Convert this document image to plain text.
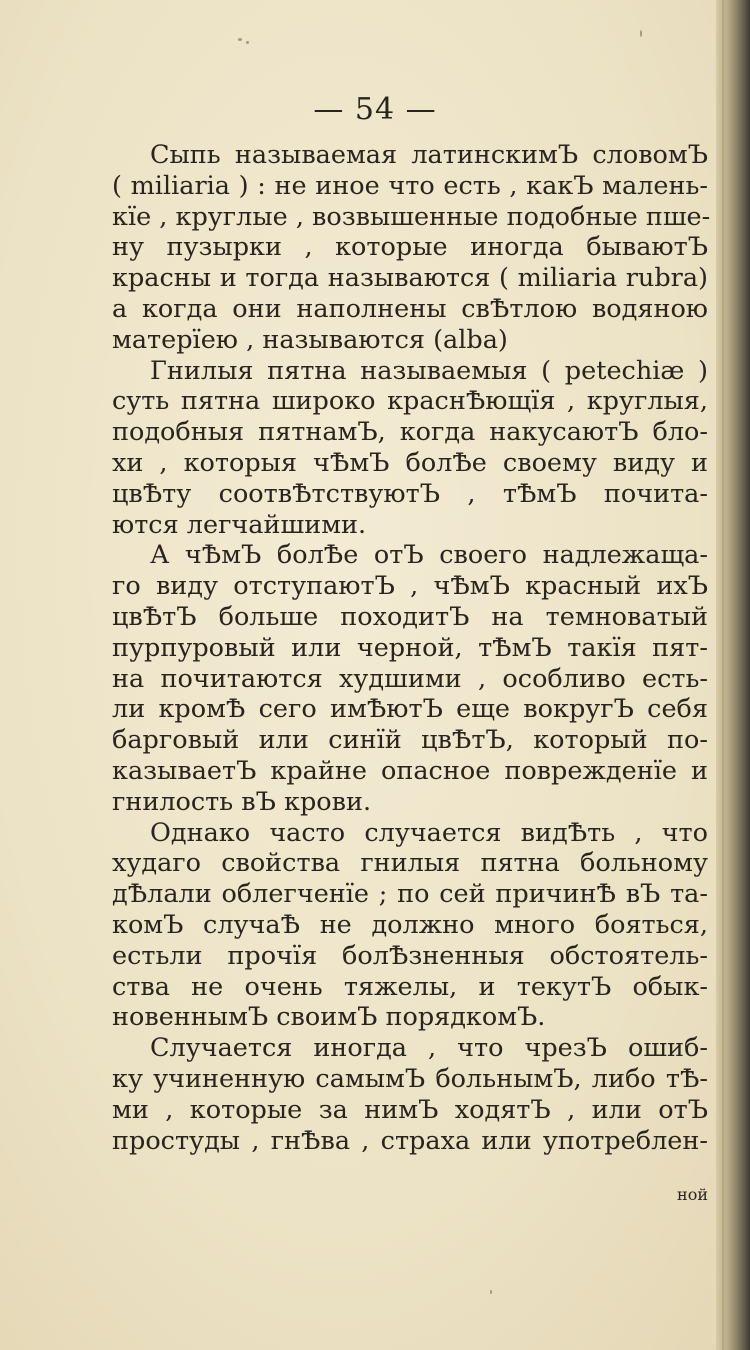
— 54 —
Сыпь называемая латинскимЪ словомЪ
( miliaria ) : не иное что есть , какЪ малень-
кїе , круглые , возвышенные подобные пше-
ну пузырки , которые иногда бываютЪ
красны и тогда называются ( miliaria rubra)
а когда они наполнены свѢтлою водяною
матерїею , называются (alba)
Гнилыя пятна называемыя ( petechiæ )
суть пятна широко краснѢющїя , круглыя,
подобныя пятнамЪ, когда накусаютЪ бло-
хи , которыя чѢмЪ болѢе своему виду и
цвѢту соотвѢтствуютЪ , тѢмЪ почита-
ются легчайшими.
А чѢмЪ болѢе отЪ своего надлежаща-
го виду отступаютЪ , чѢмЪ красный ихЪ
цвѢтЪ больше походитЪ на темноватый
пурпуровый или черной, тѢмЪ такїя пят-
на почитаются худшими , особливо есть-
ли кромѢ сего имѢютЪ еще вокругЪ себя
барговый или синїй цвѢтЪ, который по-
казываетЪ крайне опасное поврежденїе и
гнилость вЪ крови.
Однако часто случается видѢть , что
худаго свойства гнилыя пятна больному
дѢлали облегченїе ; по сей причинѢ вЪ та-
комЪ случаѢ не должно много бояться,
естьли прочїя болѢзненныя обстоятель-
ства не очень тяжелы, и текутЪ обык-
новеннымЪ своимЪ порядкомЪ.
Случается иногда , что чрезЪ ошиб-
ку учиненную самымЪ больнымЪ, либо тѢ-
ми , которые за нимЪ ходятЪ , или отЪ
простуды , гнѢва , страха или употреблен-
ной
